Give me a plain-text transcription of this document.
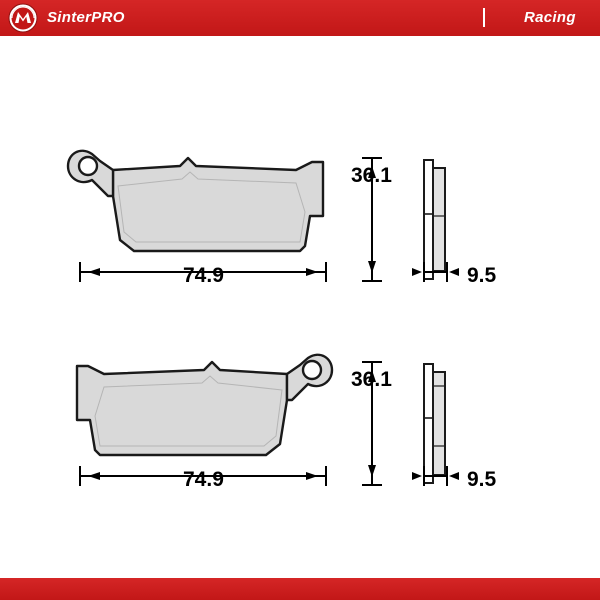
SinterPRO	Racing
74.9
36.1
9.5
74.9
36.1
9.5
